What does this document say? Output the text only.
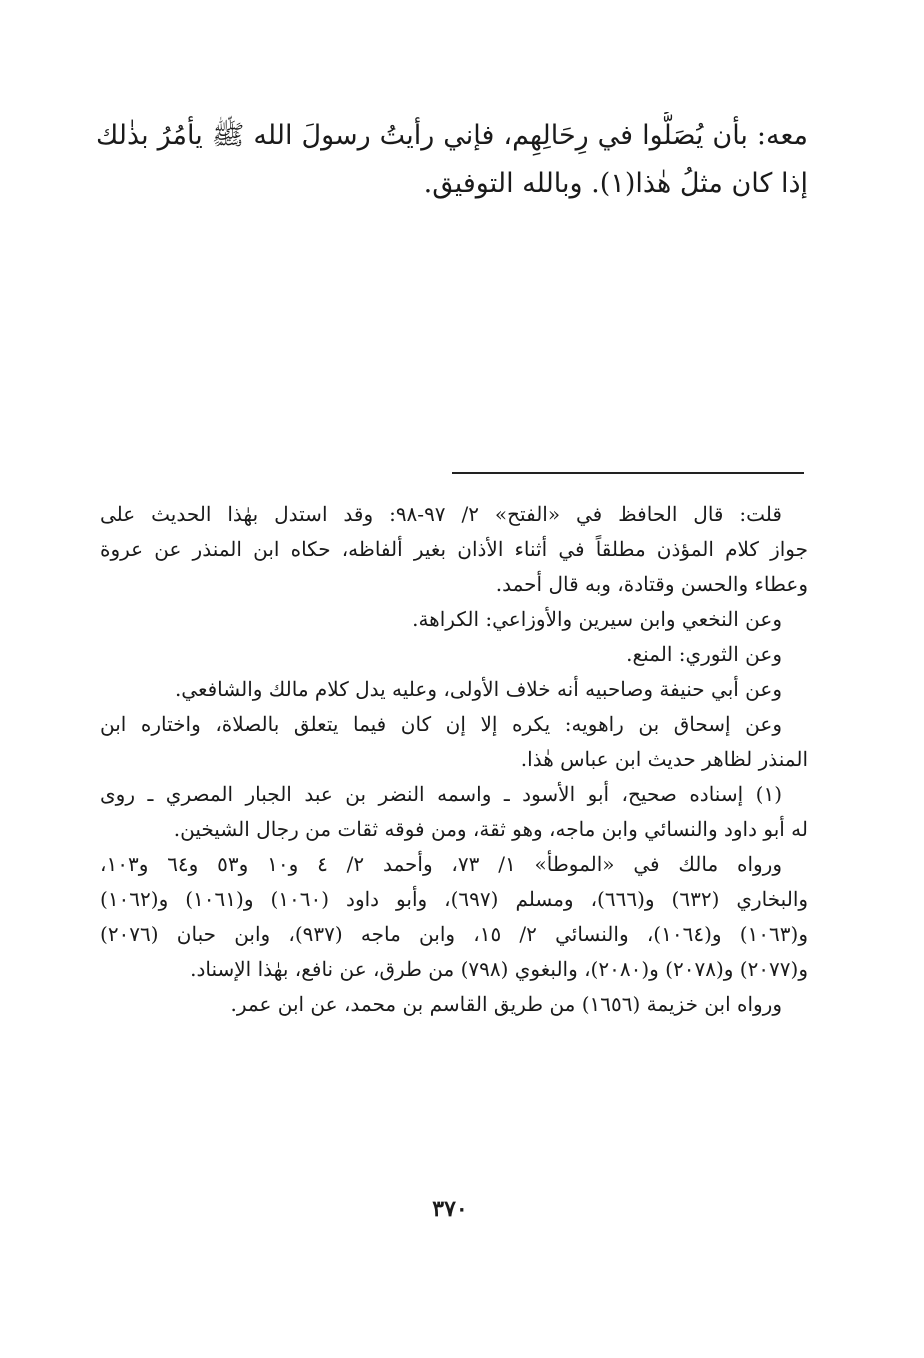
معه: بأن يُصَلُّوا في رِحَالِهِم، فإني رأيتُ رسولَ الله ﷺ يأمُرُ بذٰلك
إذا كان مثلُ هٰذا(١). وبالله التوفيق.
قلت: قال الحافظ في «الفتح» ٢/ ٩٧-٩٨: وقد استدل بهٰذا الحديث على
جواز كلام المؤذن مطلقاً في أثناء الأذان بغير ألفاظه، حكاه ابن المنذر عن عروة
وعطاء والحسن وقتادة، وبه قال أحمد.
وعن النخعي وابن سيرين والأوزاعي: الكراهة.
وعن الثوري: المنع.
وعن أبي حنيفة وصاحبيه أنه خلاف الأولى، وعليه يدل كلام مالك والشافعي.
وعن إسحاق بن راهويه: يكره إلا إن كان فيما يتعلق بالصلاة، واختاره ابن
المنذر لظاهر حديث ابن عباس هٰذا.
(١) إسناده صحيح، أبو الأسود ـ واسمه النضر بن عبد الجبار المصري ـ روى
له أبو داود والنسائي وابن ماجه، وهو ثقة، ومن فوقه ثقات من رجال الشيخين.
ورواه مالك في «الموطأ» ١/ ٧٣، وأحمد ٢/ ٤ و١٠ و٥٣ و٦٤ و١٠٣،
والبخاري (٦٣٢) و(٦٦٦)، ومسلم (٦٩٧)، وأبو داود (١٠٦٠) و(١٠٦١) و(١٠٦٢)
و(١٠٦٣) و(١٠٦٤)، والنسائي ٢/ ١٥، وابن ماجه (٩٣٧)، وابن حبان (٢٠٧٦)
و(٢٠٧٧) و(٢٠٧٨) و(٢٠٨٠)، والبغوي (٧٩٨) من طرق، عن نافع، بهٰذا الإسناد.
ورواه ابن خزيمة (١٦٥٦) من طريق القاسم بن محمد، عن ابن عمر.
٣٧٠
